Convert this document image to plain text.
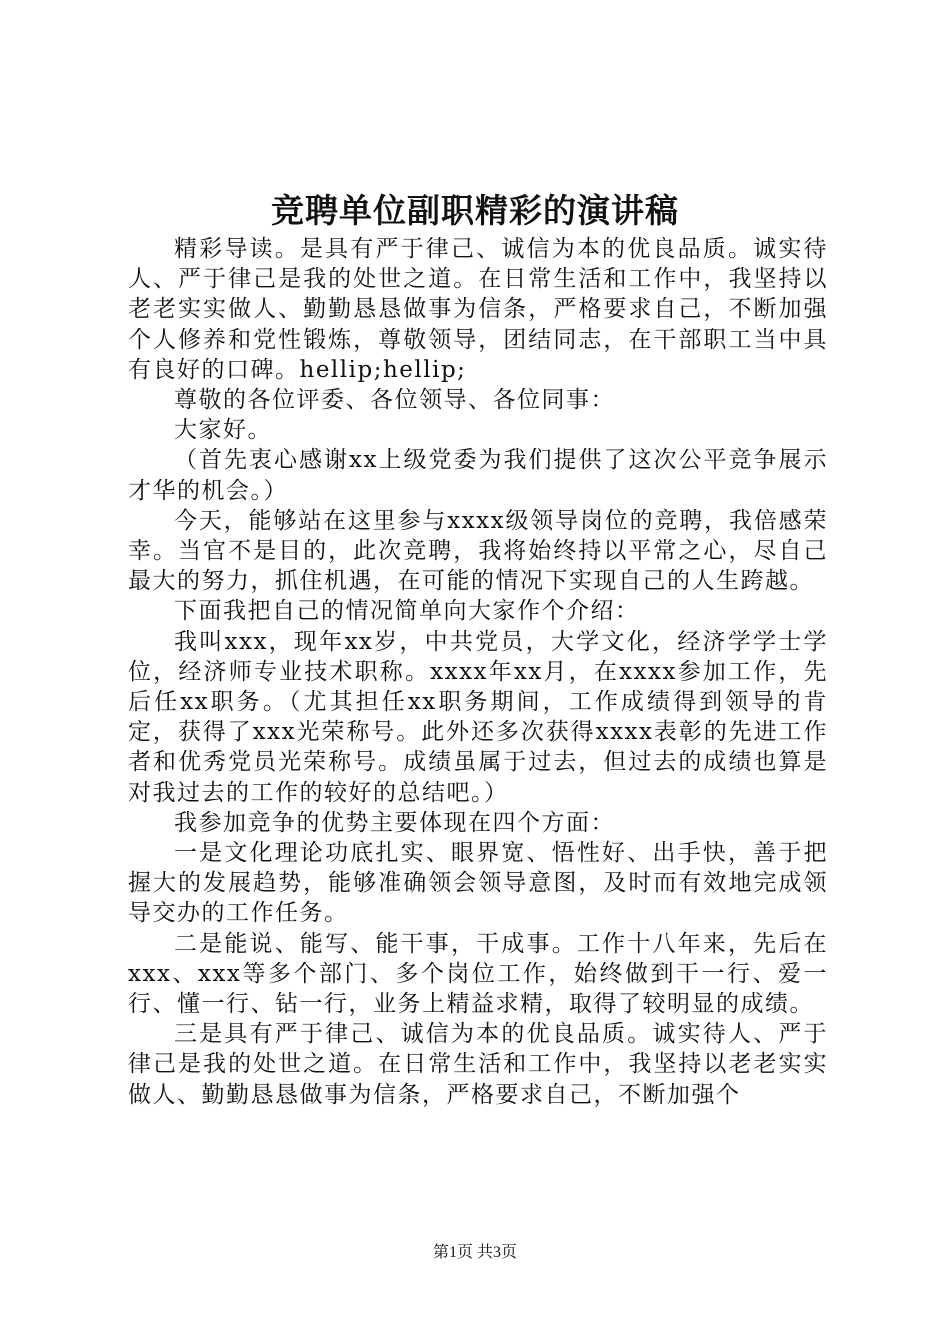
竞聘单位副职精彩的演讲稿

精彩导读。是具有严于律己、诚信为本的优良品质。诚实待人、严于律己是我的处世之道。在日常生活和工作中，我坚持以老老实实做人、勤勤恳恳做事为信条，严格要求自己，不断加强个人修养和党性锻炼，尊敬领导，团结同志，在干部职工当中具有良好的口碑。hellip;hellip;

尊敬的各位评委、各位领导、各位同事：

大家好。

（首先衷心感谢xx上级党委为我们提供了这次公平竞争展示才华的机会。）

今天，能够站在这里参与xxxx级领导岗位的竞聘，我倍感荣幸。当官不是目的，此次竞聘，我将始终持以平常之心，尽自己最大的努力，抓住机遇，在可能的情况下实现自己的人生跨越。

下面我把自己的情况简单向大家作个介绍：

我叫xxx，现年xx岁，中共党员，大学文化，经济学学士学位，经济师专业技术职称。xxxx年xx月，在xxxx参加工作，先后任xx职务。（尤其担任xx职务期间，工作成绩得到领导的肯定，获得了xxx光荣称号。此外还多次获得xxxx表彰的先进工作者和优秀党员光荣称号。成绩虽属于过去，但过去的成绩也算是对我过去的工作的较好的总结吧。）

我参加竞争的优势主要体现在四个方面：

一是文化理论功底扎实、眼界宽、悟性好、出手快，善于把握大的发展趋势，能够准确领会领导意图，及时而有效地完成领导交办的工作任务。

二是能说、能写、能干事，干成事。工作十八年来，先后在xxx、xxx等多个部门、多个岗位工作，始终做到干一行、爱一行、懂一行、钻一行，业务上精益求精，取得了较明显的成绩。

三是具有严于律己、诚信为本的优良品质。诚实待人、严于律己是我的处世之道。在日常生活和工作中，我坚持以老老实实做人、勤勤恳恳做事为信条，严格要求自己，不断加强个

第1页 共3页
